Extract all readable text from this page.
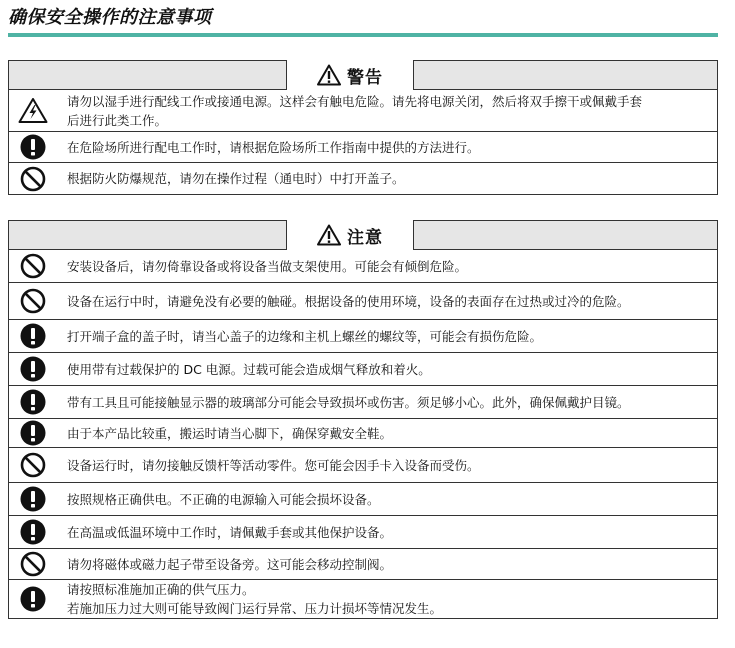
确保安全操作的注意事项
警告
请勿以湿手进行配线工作或接通电源。这样会有触电危险。请先将电源关闭，然后将双手擦干或佩戴手套
后进行此类工作。
在危险场所进行配电工作时，请根据危险场所工作指南中提供的方法进行。
根据防火防爆规范，请勿在操作过程（通电时）中打开盖子。
注意
安装设备后，请勿倚靠设备或将设备当做支架使用。可能会有倾倒危险。
设备在运行中时，请避免没有必要的触碰。根据设备的使用环境，设备的表面存在过热或过冷的危险。
打开端子盒的盖子时，请当心盖子的边缘和主机上螺丝的螺纹等，可能会有损伤危险。
使用带有过载保护的 DC 电源。过载可能会造成烟气释放和着火。
带有工具且可能接触显示器的玻璃部分可能会导致损坏或伤害。须足够小心。此外，确保佩戴护目镜。
由于本产品比较重，搬运时请当心脚下，确保穿戴安全鞋。
设备运行时，请勿接触反馈杆等活动零件。您可能会因手卡入设备而受伤。
按照规格正确供电。不正确的电源输入可能会损坏设备。
在高温或低温环境中工作时，请佩戴手套或其他保护设备。
请勿将磁体或磁力起子带至设备旁。这可能会移动控制阀。
请按照标准施加正确的供气压力。
若施加压力过大则可能导致阀门运行异常、压力计损坏等情况发生。
